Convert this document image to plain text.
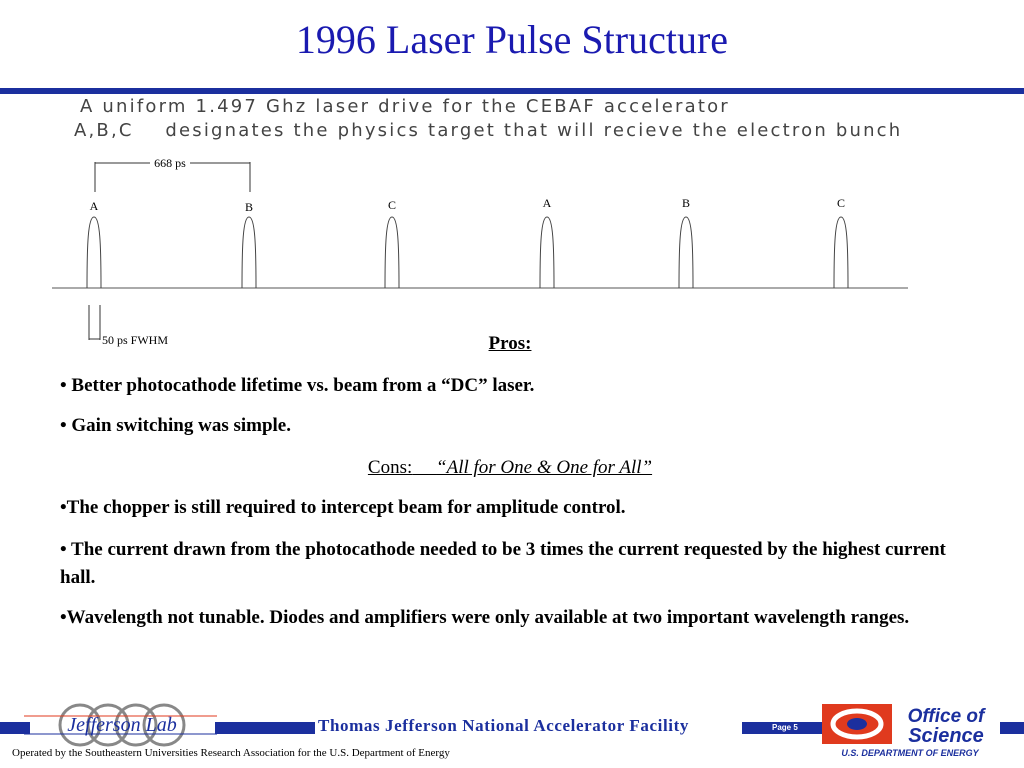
1996 Laser Pulse Structure
A uniform 1.497 Ghz laser drive for the CEBAF accelerator
A,B,C    designates the physics target that will recieve the electron bunch
668 ps
A	B	C	A	B	C
50 ps FWHM	Pros:
• Better photocathode lifetime vs. beam from a “DC” laser.
• Gain switching was simple.
Cons: “All for One & One for All”
•The chopper is still required to intercept beam for amplitude control.
• The current drawn from the photocathode needed to be 3 times the current requested by the highest current hall.
•Wavelength not tunable. Diodes and amplifiers were only available at two important wavelength ranges.
Jefferson Lab	Thomas Jefferson National Accelerator Facility	Page 5
Operated by the Southeastern Universities Research Association for the U.S. Department of Energy
Office of
Science
U.S. DEPARTMENT OF ENERGY
